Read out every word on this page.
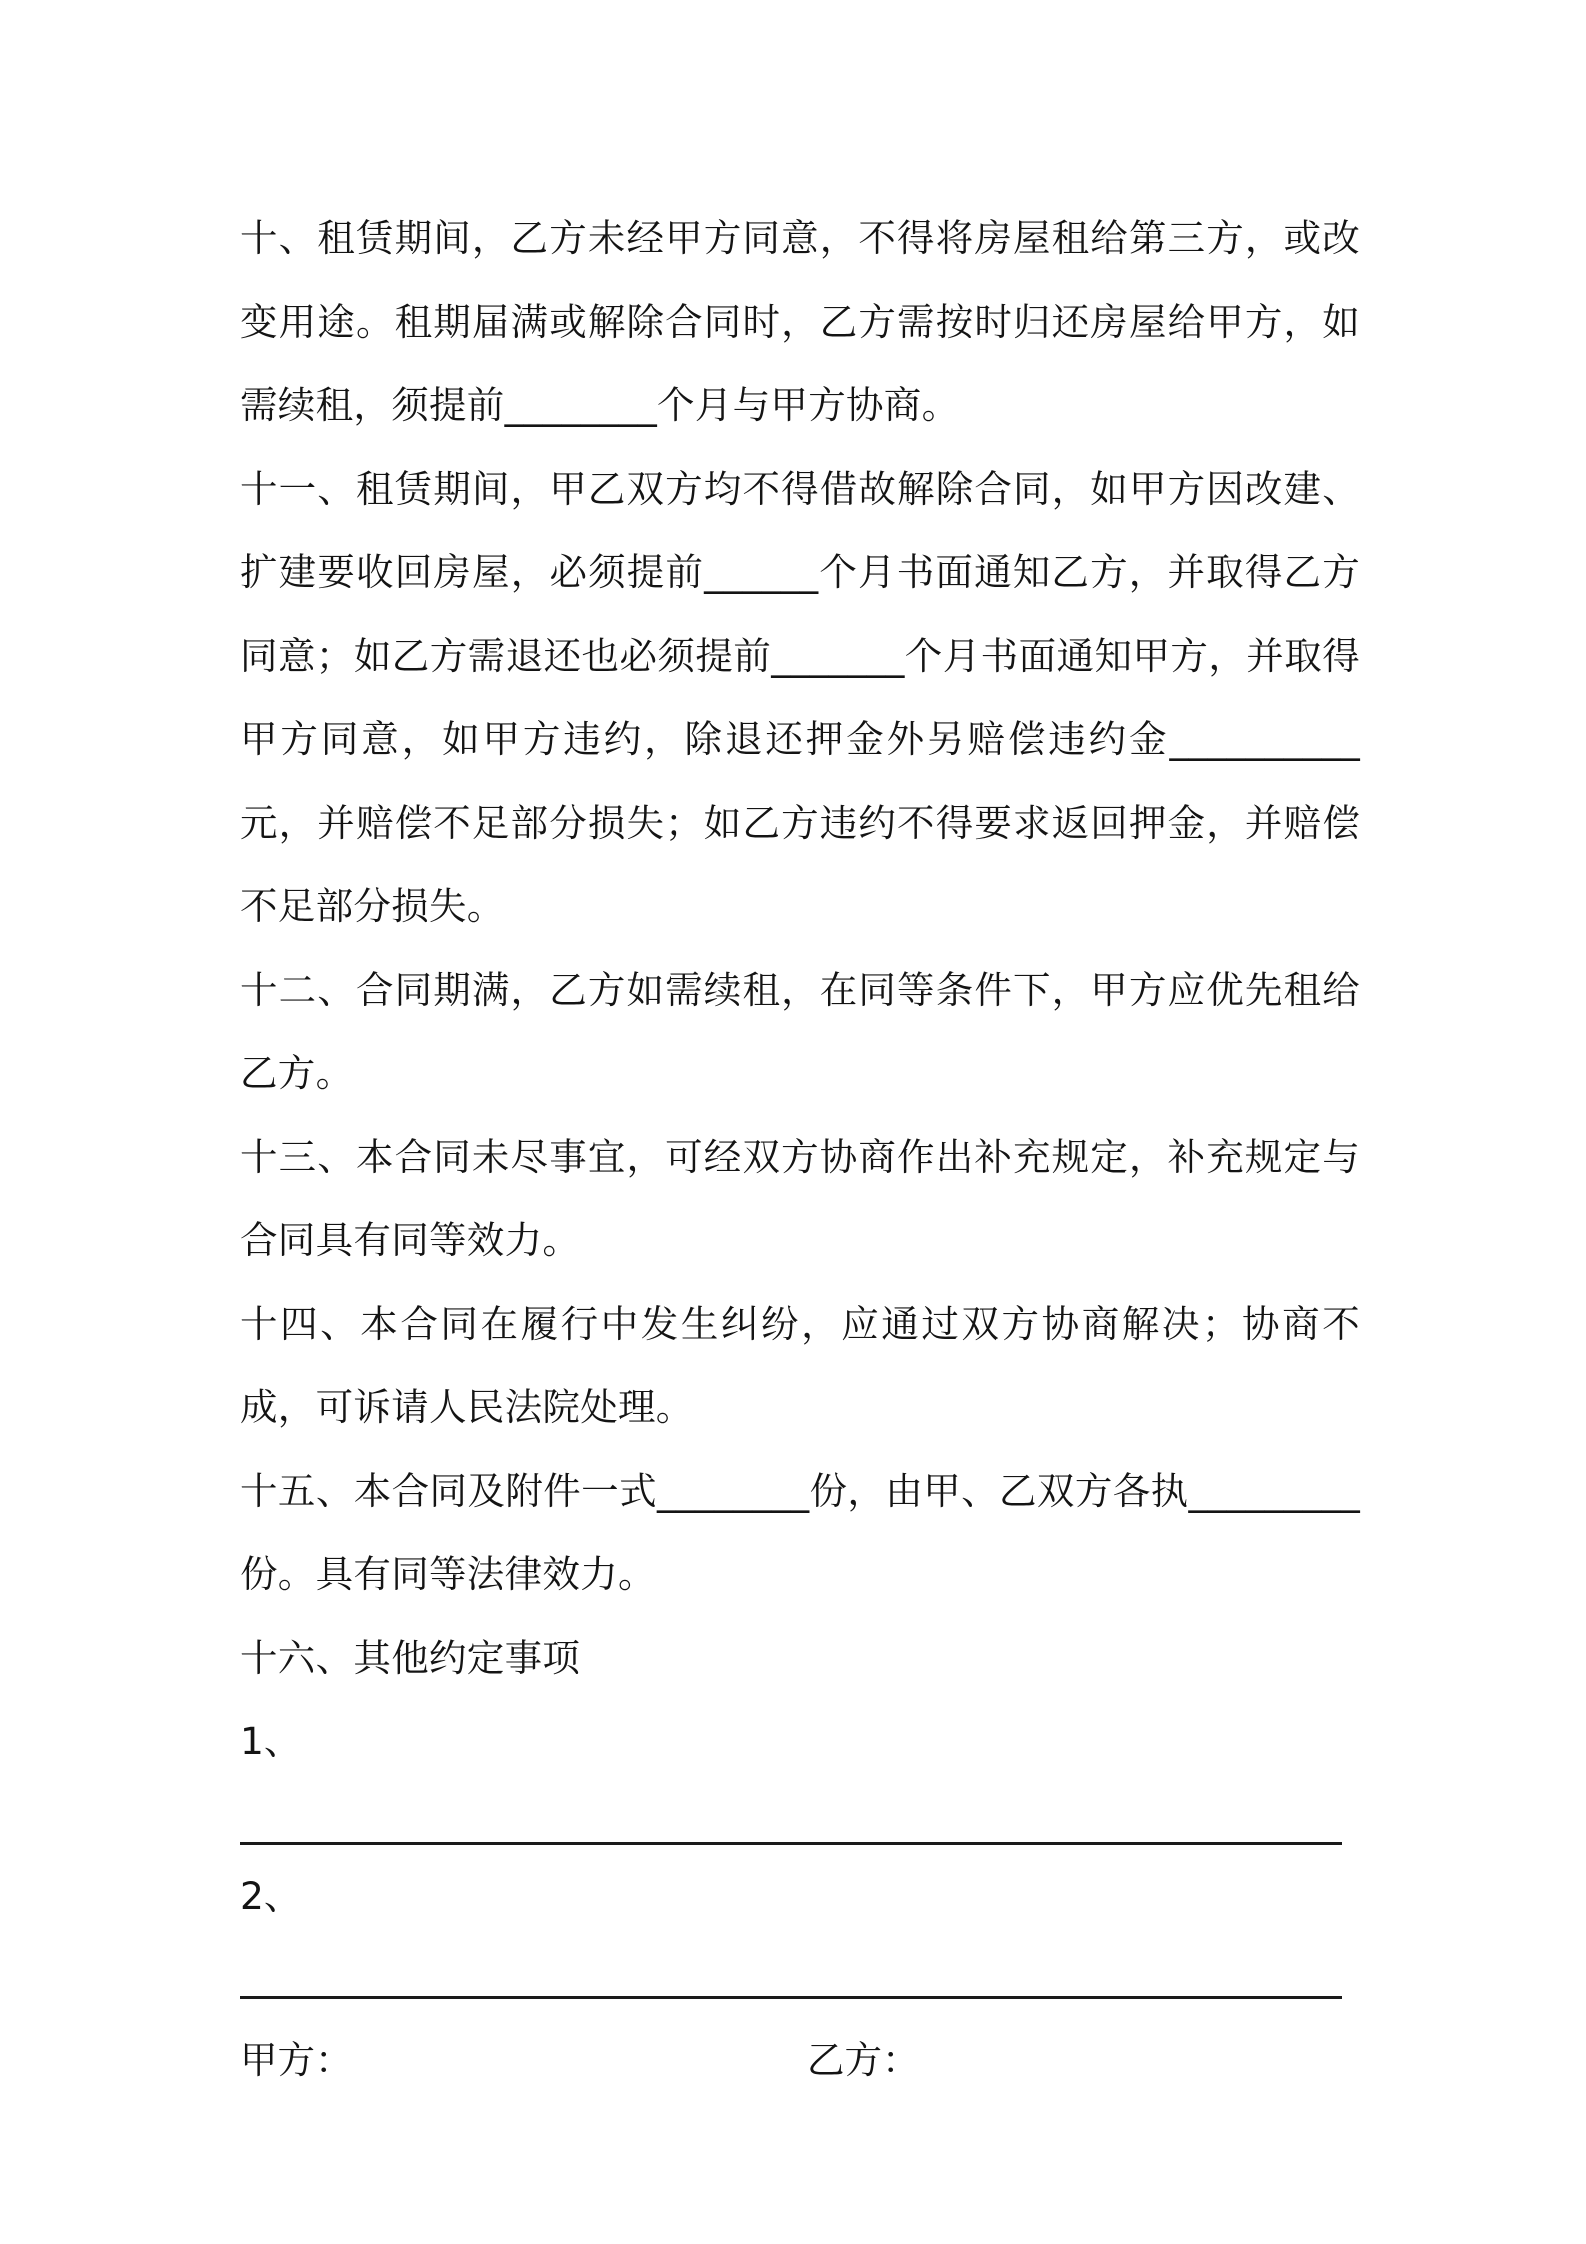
十、租赁期间，乙方未经甲方同意，不得将房屋租给第三方，或改变用途。租期届满或解除合同时，乙方需按时归还房屋给甲方，如需续租，须提前________个月与甲方协商。

十一、租赁期间，甲乙双方均不得借故解除合同，如甲方因改建、扩建要收回房屋，必须提前______个月书面通知乙方，并取得乙方同意；如乙方需退还也必须提前_______个月书面通知甲方，并取得甲方同意，如甲方违约，除退还押金外另赔偿违约金__________元，并赔偿不足部分损失；如乙方违约不得要求返回押金，并赔偿不足部分损失。

十二、合同期满，乙方如需续租，在同等条件下，甲方应优先租给乙方。

十三、本合同未尽事宜，可经双方协商作出补充规定，补充规定与合同具有同等效力。

十四、本合同在履行中发生纠纷，应通过双方协商解决；协商不成，可诉请人民法院处理。

十五、本合同及附件一式________份，由甲、乙双方各执_________份。具有同等法律效力。

十六、其他约定事项

1、

2、

甲方：	乙方：
